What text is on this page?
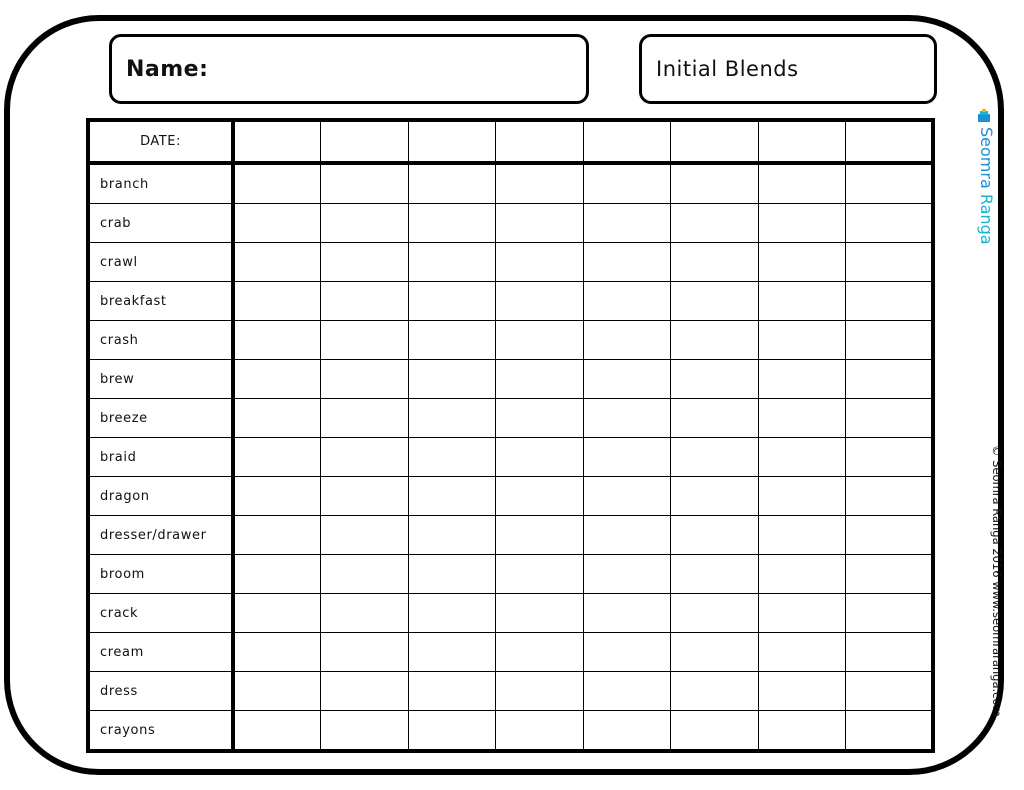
Name:	Initial Blends
DATE:								
branch								
crab								
crawl								
breakfast								
crash								
brew								
breeze								
braid								
dragon								
dresser/drawer								
broom								
crack								
cream								
dress								
crayons								
Seomra Ranga
© Seomra Ranga 2016 www.seomraranga.com
